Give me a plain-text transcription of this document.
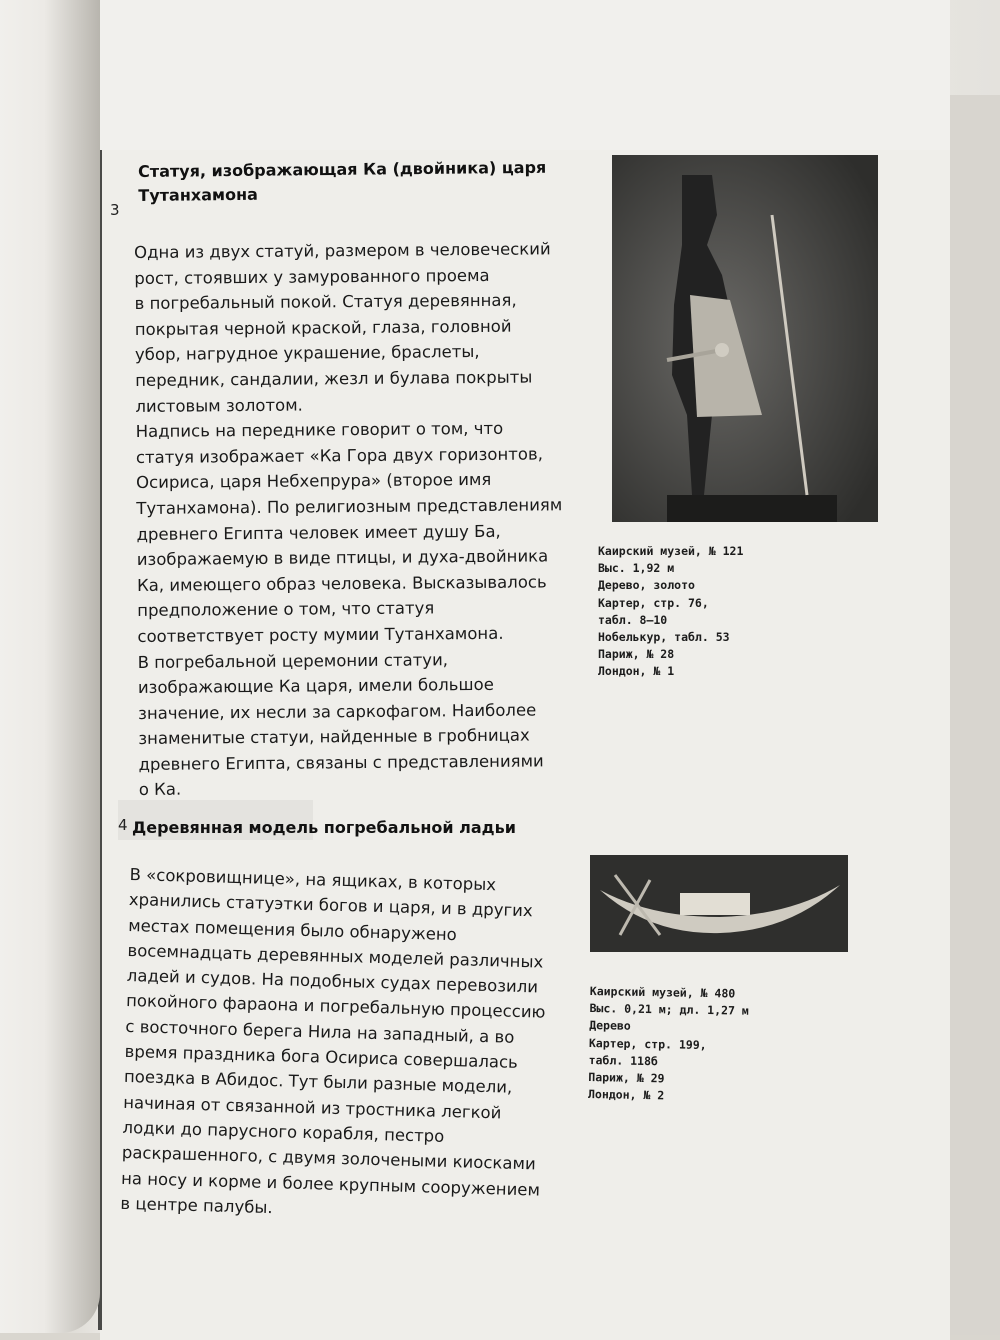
3
Статуя, изображающая Ка (двойника) царя
Тутанхамона
Одна из двух статуй, размером в человеческий
рост, стоявших у замурованного проема
в погребальный покой. Статуя деревянная,
покрытая черной краской, глаза, головной
убор, нагрудное украшение, браслеты,
передник, сандалии, жезл и булава покрыты
листовым золотом.
Надпись на переднике говорит о том, что
статуя изображает «Ка Гора двух горизонтов,
Осириса, царя Небхепрура» (второе имя
Тутанхамона). По религиозным представлениям
древнего Египта человек имеет душу Ба,
изображаемую в виде птицы, и духа-двойника
Ка, имеющего образ человека. Высказывалось
предположение о том, что статуя
соответствует росту мумии Тутанхамона.
В погребальной церемонии статуи,
изображающие Ка царя, имели большое
значение, их несли за саркофагом. Наиболее
знаменитые статуи, найденные в гробницах
древнего Египта, связаны с представлениями
о Ка.
Каирский музей, № 121
Выс. 1,92 м
Дерево, золото
Картер, стр. 76,
табл. 8—10
Нобелькур, табл. 53
Париж, № 28
Лондон, № 1
4 Деревянная модель погребальной ладьи
В «сокровищнице», на ящиках, в которых
хранились статуэтки богов и царя, и в других
местах помещения было обнаружено
восемнадцать деревянных моделей различных
ладей и судов. На подобных судах перевозили
покойного фараона и погребальную процессию
с восточного берега Нила на западный, а во
время праздника бога Осириса совершалась
поездка в Абидос. Тут были разные модели,
начиная от связанной из тростника легкой
лодки до парусного корабля, пестро
раскрашенного, с двумя золочеными киосками
на носу и корме и более крупным сооружением
в центре палубы.
Каирский музей, № 480
Выс. 0,21 м; дл. 1,27 м
Дерево
Картер, стр. 199,
табл. 118б
Париж, № 29
Лондон, № 2
